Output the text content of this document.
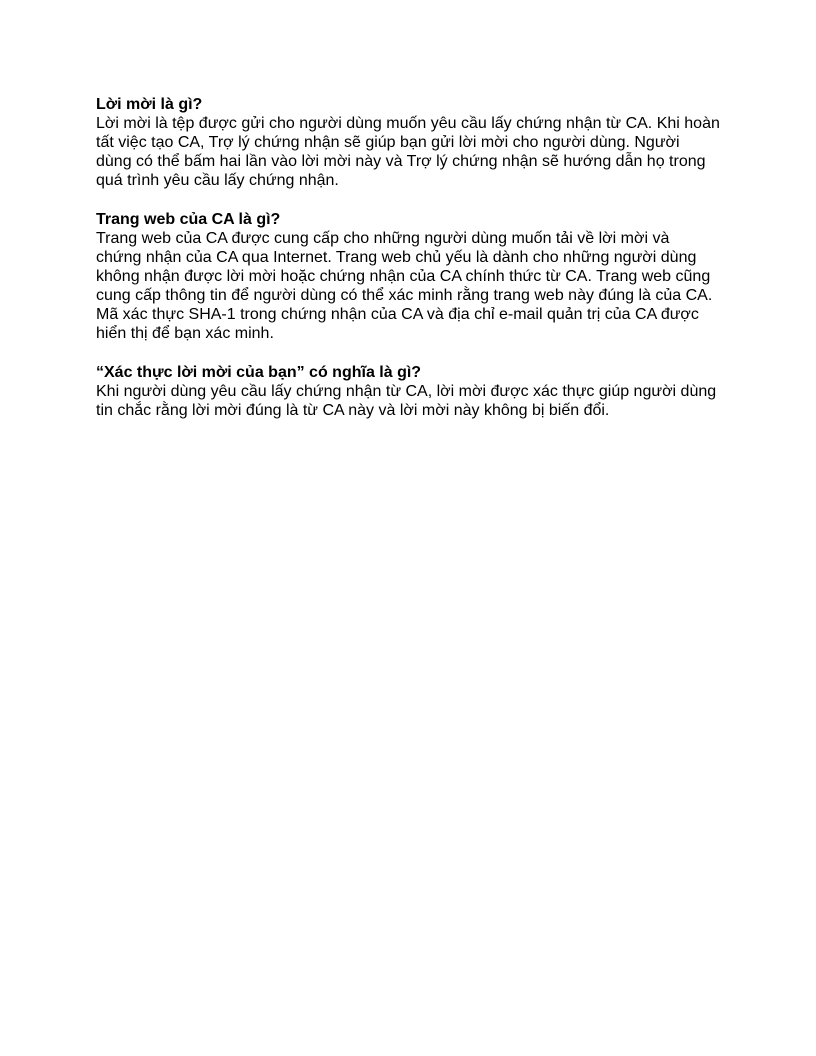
Lời mời là gì?

Lời mời là tệp được gửi cho người dùng muốn yêu cầu lấy chứng nhận từ CA. Khi hoàn

tất việc tạo CA, Trợ lý chứng nhận sẽ giúp bạn gửi lời mời cho người dùng. Người

dùng có thể bấm hai lần vào lời mời này và Trợ lý chứng nhận sẽ hướng dẫn họ trong

quá trình yêu cầu lấy chứng nhận.

Trang web của CA là gì?

Trang web của CA được cung cấp cho những người dùng muốn tải về lời mời và

chứng nhận của CA qua Internet. Trang web chủ yếu là dành cho những người dùng

không nhận được lời mời hoặc chứng nhận của CA chính thức từ CA. Trang web cũng

cung cấp thông tin để người dùng có thể xác minh rằng trang web này đúng là của CA.

Mã xác thực SHA-1 trong chứng nhận của CA và địa chỉ e-mail quản trị của CA được

hiển thị để bạn xác minh.

“Xác thực lời mời của bạn” có nghĩa là gì?

Khi người dùng yêu cầu lấy chứng nhận từ CA, lời mời được xác thực giúp người dùng

tin chắc rằng lời mời đúng là từ CA này và lời mời này không bị biến đổi.
